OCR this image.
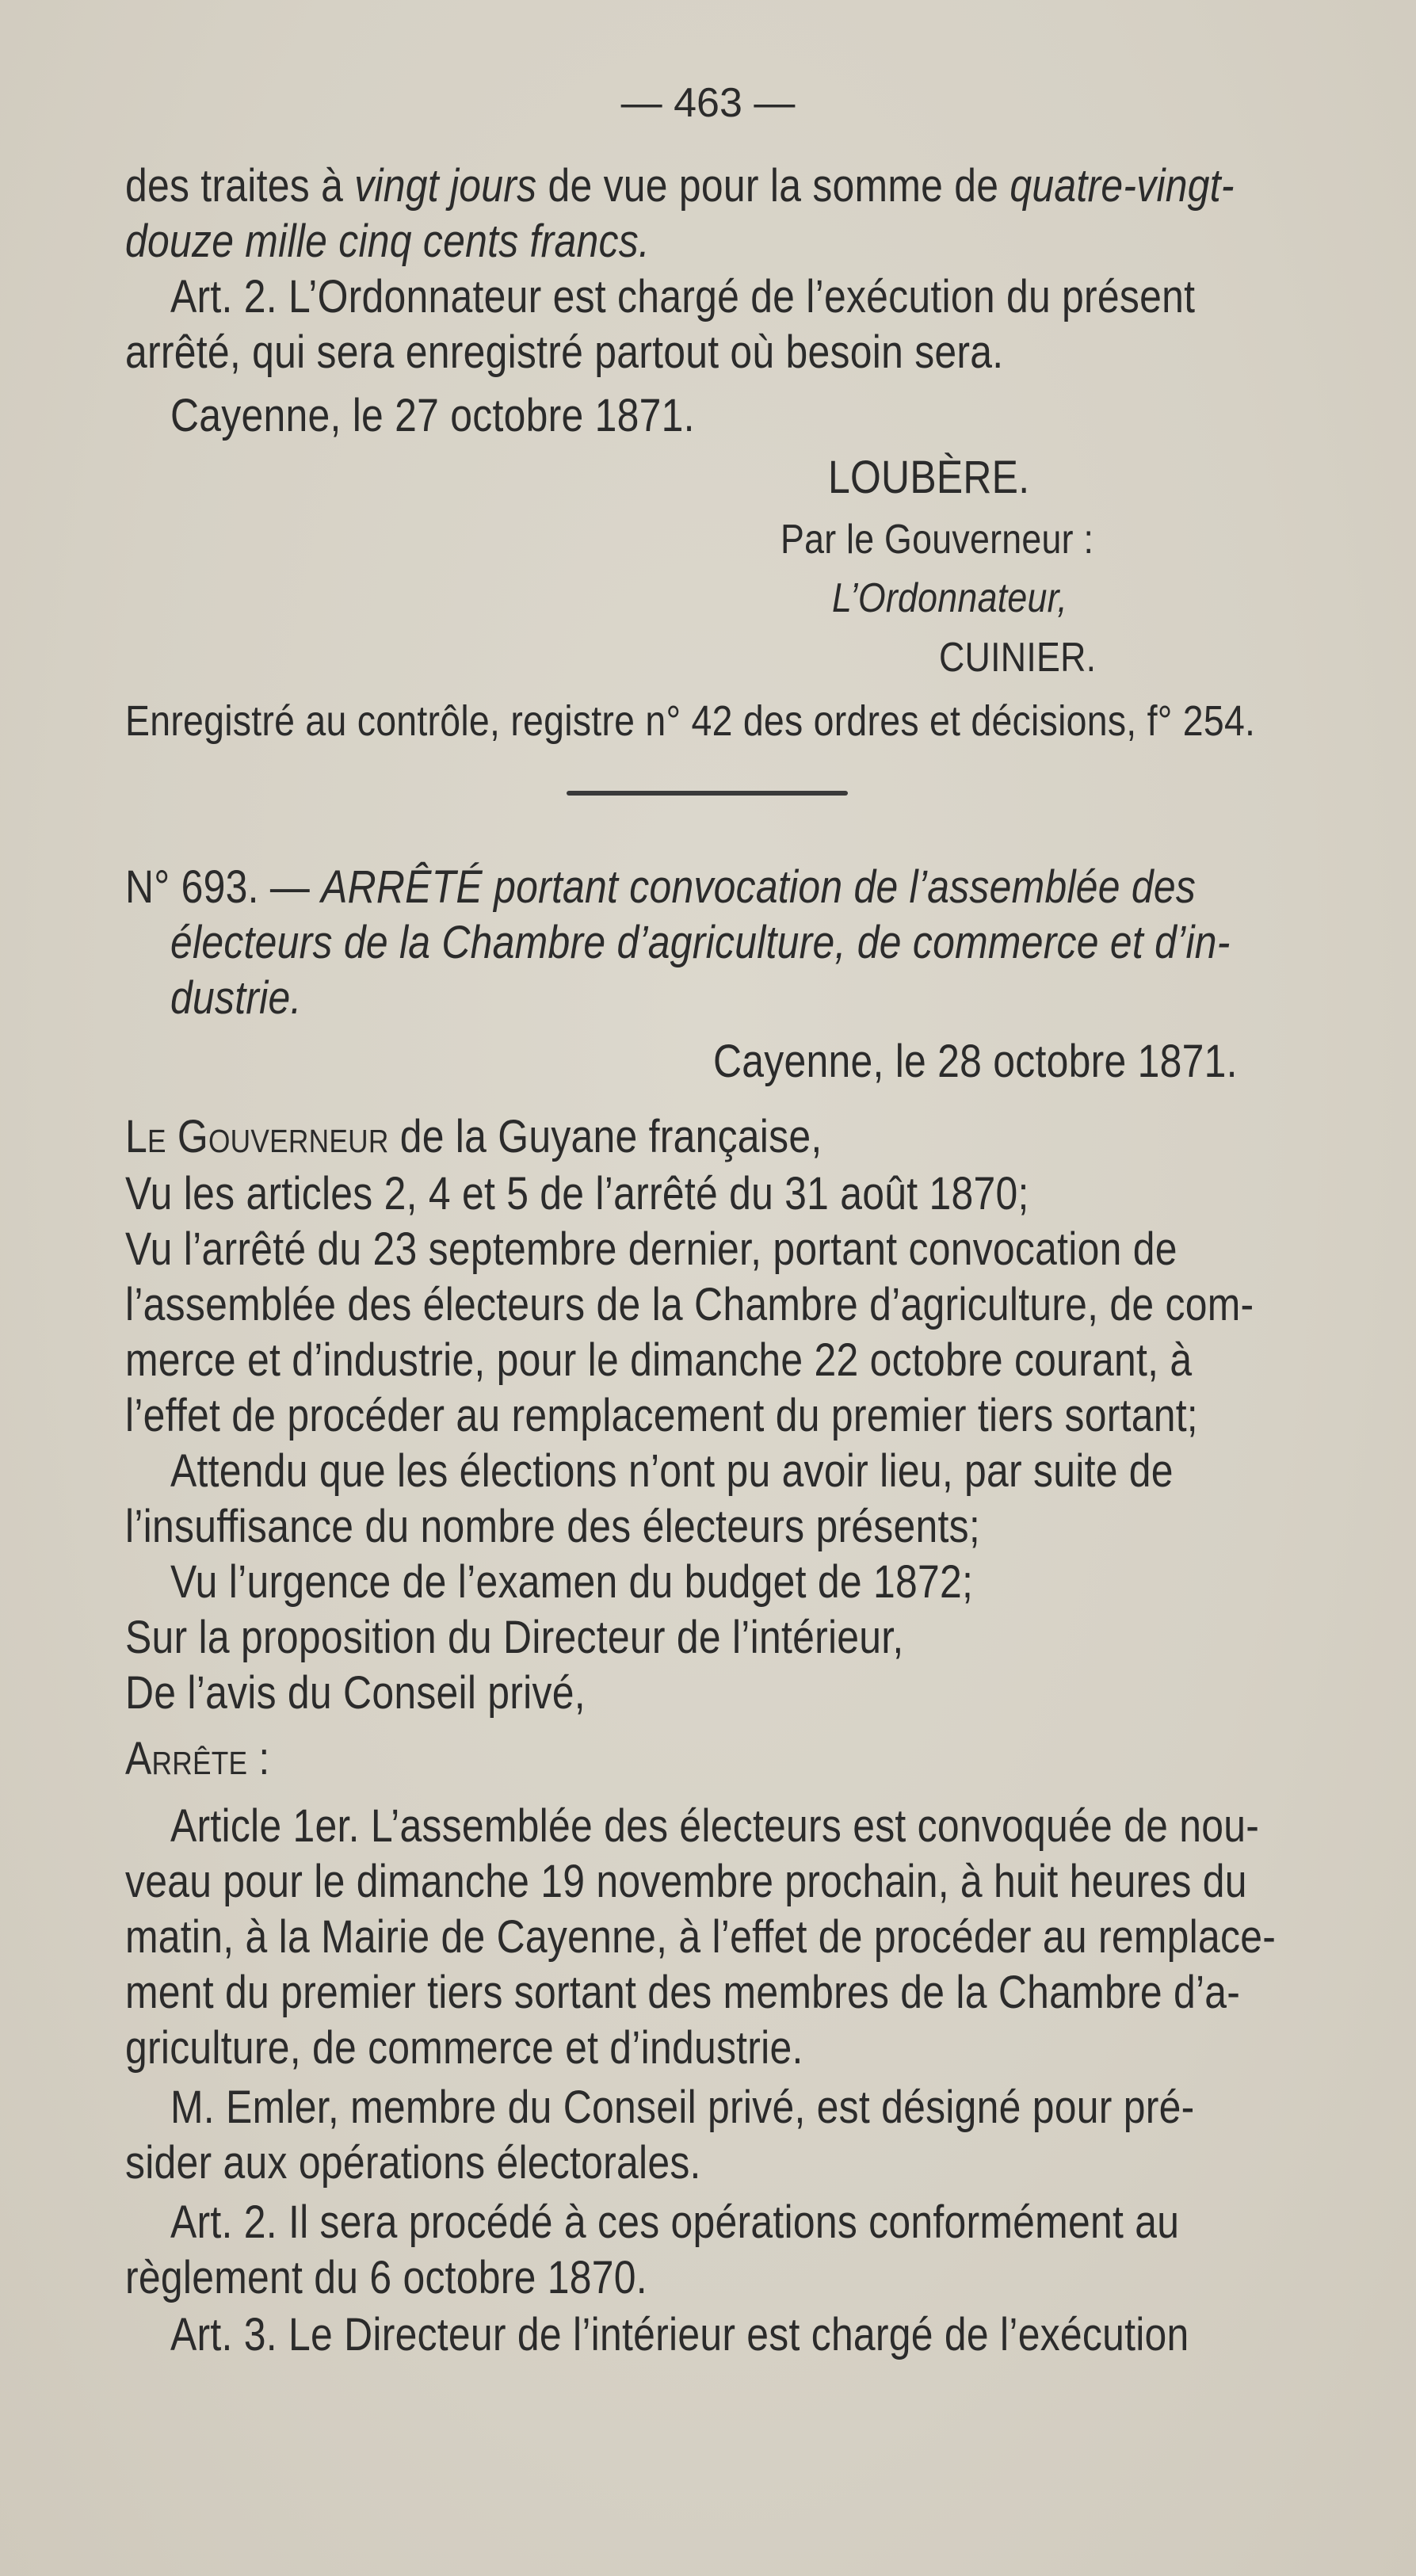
— 463 —
des traites à vingt jours de vue pour la somme de quatre-vingt-
douze mille cinq cents francs.
Art. 2. L’Ordonnateur est chargé de l’exécution du présent
arrêté, qui sera enregistré partout où besoin sera.
Cayenne, le 27 octobre 1871.
LOUBÈRE.
Par le Gouverneur :
L’Ordonnateur,
CUINIER.
Enregistré au contrôle, registre n° 42 des ordres et décisions, f° 254.
N° 693. — ARRÊTÉ portant convocation de l’assemblée des
électeurs de la Chambre d’agriculture, de commerce et d’in-
dustrie.
Cayenne, le 28 octobre 1871.
Le Gouverneur de la Guyane française,
Vu les articles 2, 4 et 5 de l’arrêté du 31 août 1870;
Vu l’arrêté du 23 septembre dernier, portant convocation de
l’assemblée des électeurs de la Chambre d’agriculture, de com-
merce et d’industrie, pour le dimanche 22 octobre courant, à
l’effet de procéder au remplacement du premier tiers sortant;
Attendu que les élections n’ont pu avoir lieu, par suite de
l’insuffisance du nombre des électeurs présents;
Vu l’urgence de l’examen du budget de 1872;
Sur la proposition du Directeur de l’intérieur,
De l’avis du Conseil privé,
Arrête :
Article 1er. L’assemblée des électeurs est convoquée de nou-
veau pour le dimanche 19 novembre prochain, à huit heures du
matin, à la Mairie de Cayenne, à l’effet de procéder au remplace-
ment du premier tiers sortant des membres de la Chambre d’a-
griculture, de commerce et d’industrie.
M. Emler, membre du Conseil privé, est désigné pour pré-
sider aux opérations électorales.
Art. 2. Il sera procédé à ces opérations conformément au
règlement du 6 octobre 1870.
Art. 3. Le Directeur de l’intérieur est chargé de l’exécution
